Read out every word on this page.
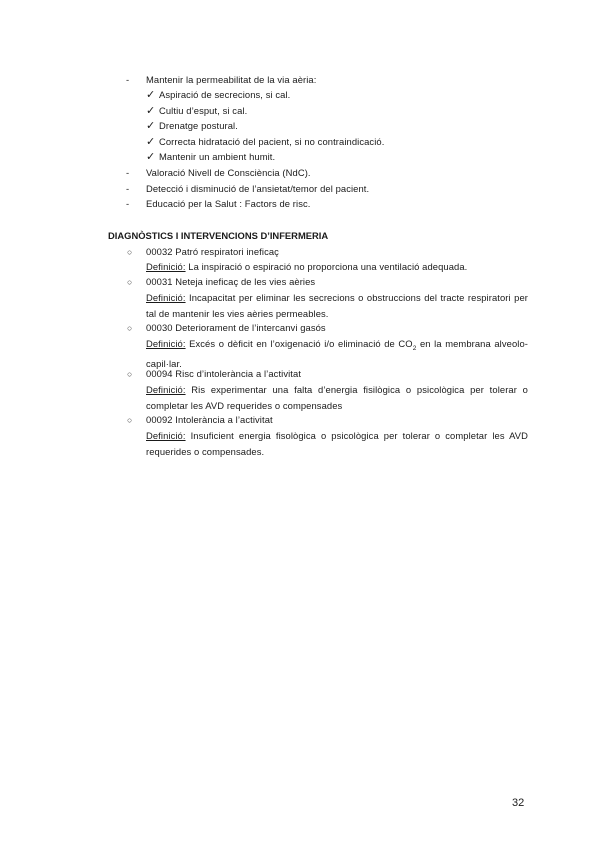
- Mantenir la permeabilitat de la via aèria:
✓ Aspiració de secrecions, si cal.
✓ Cultiu d’esput, si cal.
✓ Drenatge postural.
✓ Correcta hidratació del pacient, si no contraindicació.
✓ Mantenir un ambient humit.
- Valoració Nivell de Consciència (NdC).
- Detecció i disminució de l’ansietat/temor del pacient.
- Educació per la Salut : Factors de risc.
DIAGNÒSTICS I INTERVENCIONS D’INFERMERIA
○ 00032 Patró respiratori ineficaç
Definició: La inspiració o espiració no proporciona una ventilació adequada.
○ 00031 Neteja ineficaç de les vies aèries
Definició: Incapacitat per eliminar les secrecions o obstruccions del tracte respiratori per tal de mantenir les vies aèries permeables.
○ 00030 Deteriorament de l’intercanvi gasós
Definició: Excés o dèficit en l’oxigenació i/o eliminació de $CO_2$ en la membrana alveolo-capil·lar.
○ 00094 Risc d’intolerància a l’activitat
Definició: Ris experimentar una falta d’energia fisilògica o psicològica per tolerar o completar les AVD requerides o compensades
○ 00092 Intolerància a l’activitat
Definició: Insuficient energia fisològica o psicològica per tolerar o completar les AVD requerides o compensades.
32
